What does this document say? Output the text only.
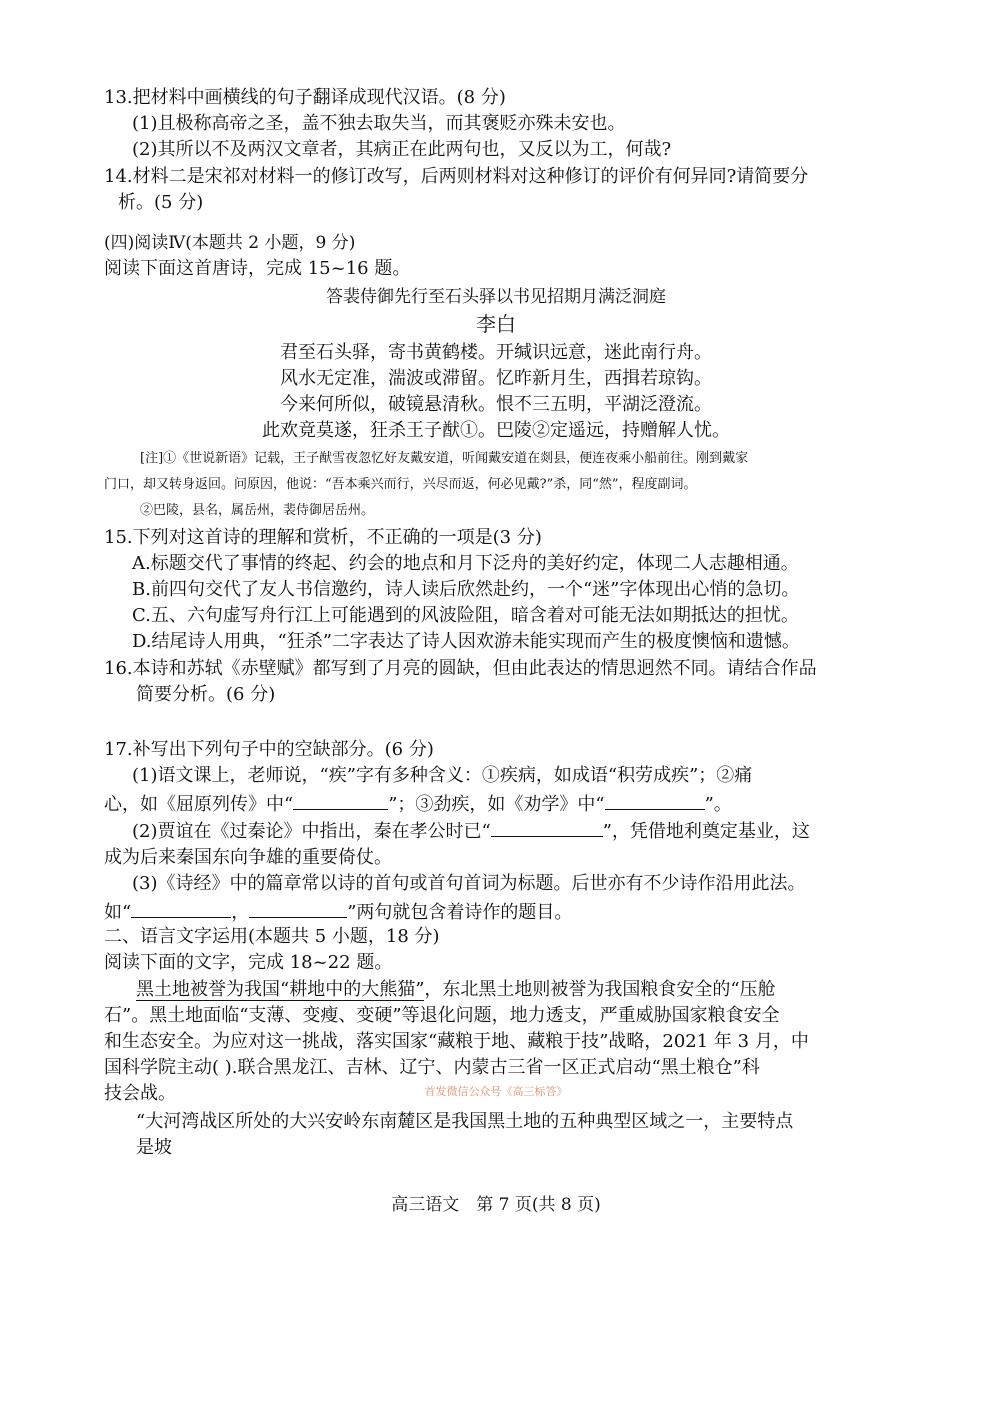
13.把材料中画横线的句子翻译成现代汉语。(8 分)
(1)且极称高帝之圣，盖不独去取失当，而其褒贬亦殊未安也。
(2)其所以不及两汉文章者，其病正在此两句也，又反以为工，何哉?
14.材料二是宋祁对材料一的修订改写，后两则材料对这种修订的评价有何异同?请简要分
析。(5 分)
(四)阅读Ⅳ(本题共 2 小题，9 分)
阅读下面这首唐诗，完成 15~16 题。
答裴侍御先行至石头驿以书见招期月满泛洞庭
李白
君至石头驿，寄书黄鹤楼。开缄识远意，迷此南行舟。
风水无定准，湍波或滞留。忆昨新月生，西揖若琼钩。
今来何所似，破镜悬清秋。恨不三五明，平湖泛澄流。
此欢竟莫遂，狂杀王子猷①。巴陵②定遥远，持赠解人忧。
[注]①《世说新语》记载，王子猷雪夜忽忆好友戴安道，听闻戴安道在剡县，便连夜乘小船前往。刚到戴家
门口，却又转身返回。问原因，他说：“吾本乘兴而行，兴尽而返，何必见戴?”杀，同“然”，程度副词。
②巴陵，县名，属岳州，裴侍御居岳州。
15.下列对这首诗的理解和赏析，不正确的一项是(3 分)
A.标题交代了事情的终起、约会的地点和月下泛舟的美好约定，体现二人志趣相通。
B.前四句交代了友人书信邀约，诗人读后欣然赴约，一个“迷”字体现出心悄的急切。
C.五、六句虚写舟行江上可能遇到的风波险阻，暗含着对可能无法如期抵达的担忧。
D.结尾诗人用典，“狂杀”二字表达了诗人因欢游未能实现而产生的极度懊恼和遗憾。
16.本诗和苏轼《赤壁赋》都写到了月亮的圆缺，但由此表达的情思迥然不同。请结合作品
简要分析。(6 分)
17.补写出下列句子中的空缺部分。(6 分)
(1)语文课上，老师说，“疾”字有多种含义：①疾病，如成语“积劳成疾”；②痛
心，如《屈原列传》中“	”；③劲疾，如《劝学》中“	”。
(2)贾谊在《过秦论》中指出，秦在孝公时已“	”，凭借地利奠定基业，这
成为后来秦国东向争雄的重要倚仗。
(3)《诗经》中的篇章常以诗的首句或首句首词为标题。后世亦有不少诗作沿用此法。
如“	，	”两句就包含着诗作的题目。
二、语言文字运用(本题共 5 小题，18 分)
阅读下面的文字，完成 18~22 题。
黑土地被誉为我国“耕地中的大熊猫”，东北黑土地则被誉为我国粮食安全的“压舱
石”。黑土地面临“支薄、变瘦、变硬”等退化问题，地力透支，严重威胁国家粮食安全
和生态安全。为应对这一挑战，落实国家“藏粮于地、藏粮于技”战略，2021 年 3 月，中
国科学院主动( ).联合黑龙江、吉林、辽宁、内蒙古三省一区正式启动“黑土粮仓”科
首发微信公众号《高三标答》
技会战。
“大河湾战区所处的大兴安岭东南麓区是我国黑土地的五种典型区域之一，主要特点
是坡
高三语文　第 7 页(共 8 页)
